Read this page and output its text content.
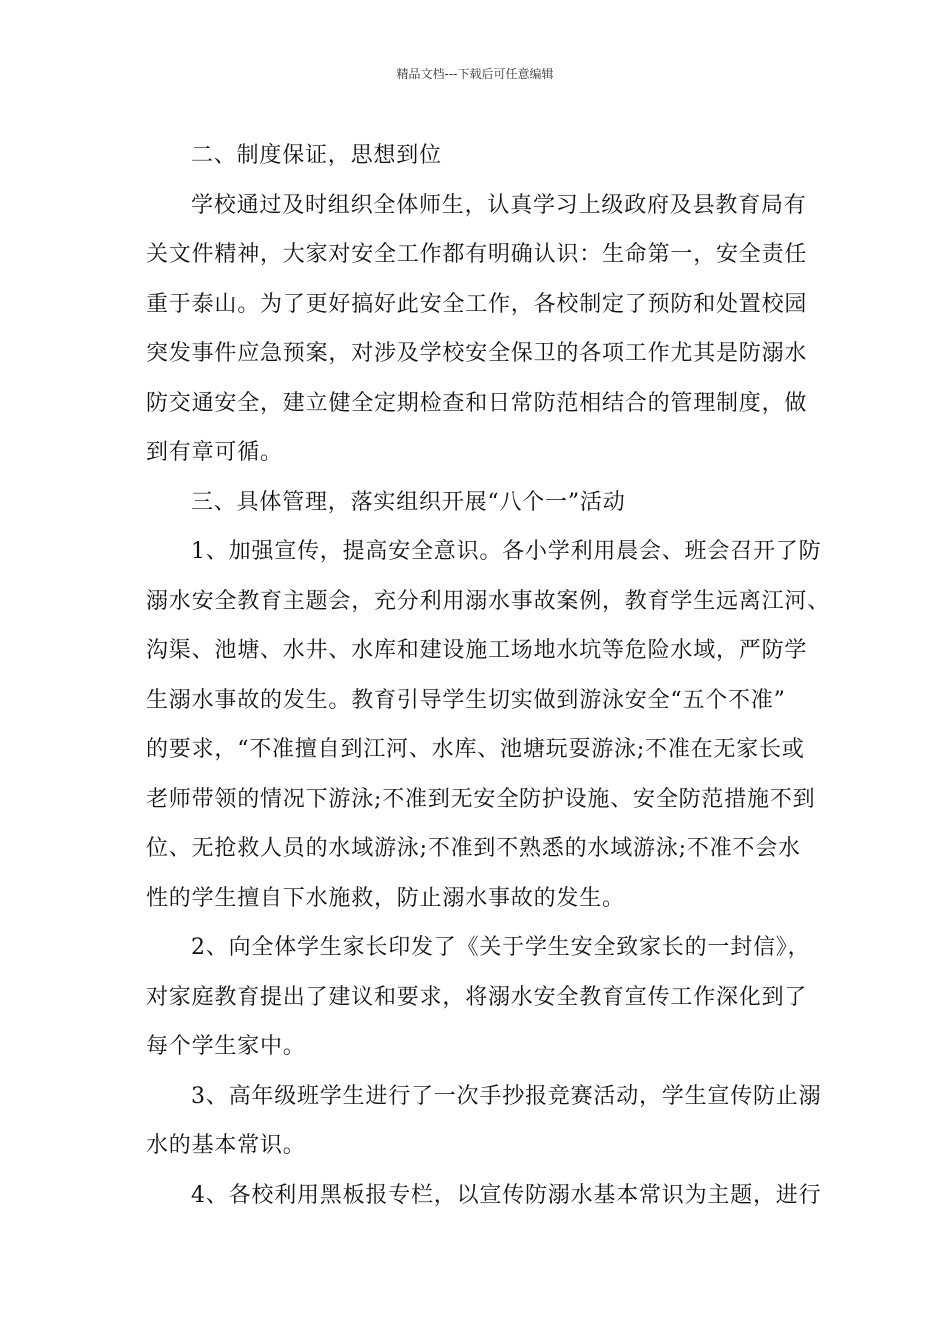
精品文档---下载后可任意编辑

二、制度保证，思想到位

学校通过及时组织全体师生，认真学习上级政府及县教育局有
关文件精神，大家对安全工作都有明确认识：生命第一，安全责任
重于泰山。为了更好搞好此安全工作，各校制定了预防和处置校园
突发事件应急预案，对涉及学校安全保卫的各项工作尤其是防溺水
防交通安全，建立健全定期检查和日常防范相结合的管理制度，做
到有章可循。

三、具体管理，落实组织开展“八个一”活动

1、加强宣传，提高安全意识。各小学利用晨会、班会召开了防
溺水安全教育主题会，充分利用溺水事故案例，教育学生远离江河、
沟渠、池塘、水井、水库和建设施工场地水坑等危险水域，严防学
生溺水事故的发生。教育引导学生切实做到游泳安全“五个不准”
的要求，“不准擅自到江河、水库、池塘玩耍游泳;不准在无家长或
老师带领的情况下游泳;不准到无安全防护设施、安全防范措施不到
位、无抢救人员的水域游泳;不准到不熟悉的水域游泳;不准不会水
性的学生擅自下水施救，防止溺水事故的发生。

2、向全体学生家长印发了《关于学生安全致家长的一封信》，
对家庭教育提出了建议和要求，将溺水安全教育宣传工作深化到了
每个学生家中。

3、高年级班学生进行了一次手抄报竞赛活动，学生宣传防止溺
水的基本常识。

4、各校利用黑板报专栏，以宣传防溺水基本常识为主题，进行
